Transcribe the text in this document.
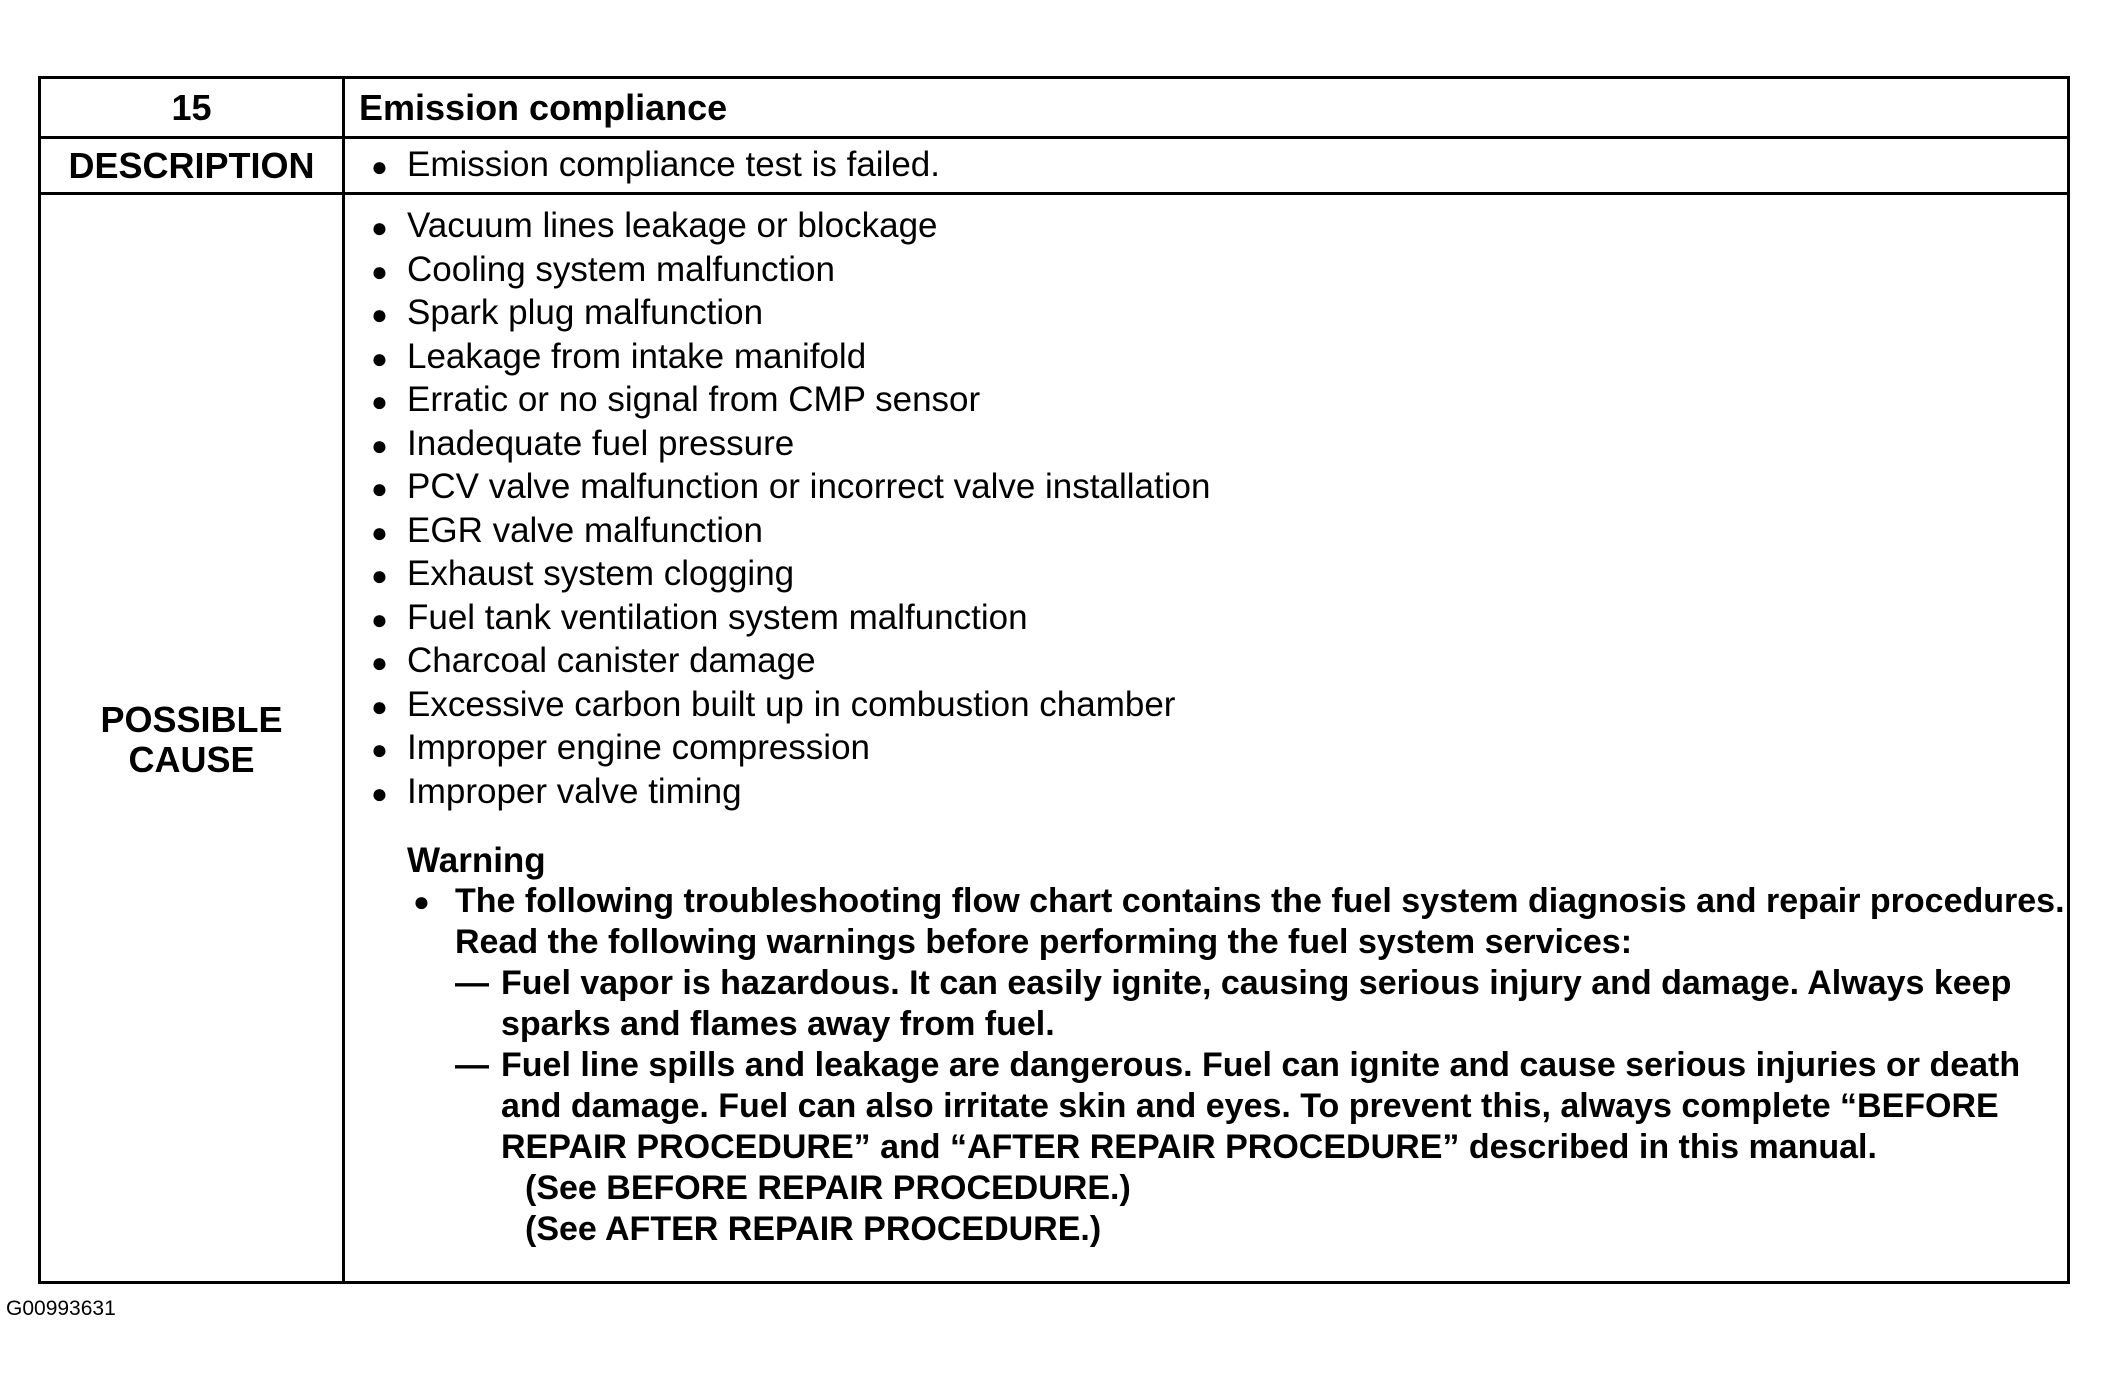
15	Emission compliance
DESCRIPTION	● Emission compliance test is failed.
POSSIBLE
CAUSE
● Vacuum lines leakage or blockage
● Cooling system malfunction
● Spark plug malfunction
● Leakage from intake manifold
● Erratic or no signal from CMP sensor
● Inadequate fuel pressure
● PCV valve malfunction or incorrect valve installation
● EGR valve malfunction
● Exhaust system clogging
● Fuel tank ventilation system malfunction
● Charcoal canister damage
● Excessive carbon built up in combustion chamber
● Improper engine compression
● Improper valve timing
Warning
● The following troubleshooting flow chart contains the fuel system diagnosis and repair procedures. Read the following warnings before performing the fuel system services:
— Fuel vapor is hazardous. It can easily ignite, causing serious injury and damage. Always keep sparks and flames away from fuel.
— Fuel line spills and leakage are dangerous. Fuel can ignite and cause serious injuries or death and damage. Fuel can also irritate skin and eyes. To prevent this, always complete “BEFORE REPAIR PROCEDURE” and “AFTER REPAIR PROCEDURE” described in this manual.
(See BEFORE REPAIR PROCEDURE.)
(See AFTER REPAIR PROCEDURE.)
G00993631
